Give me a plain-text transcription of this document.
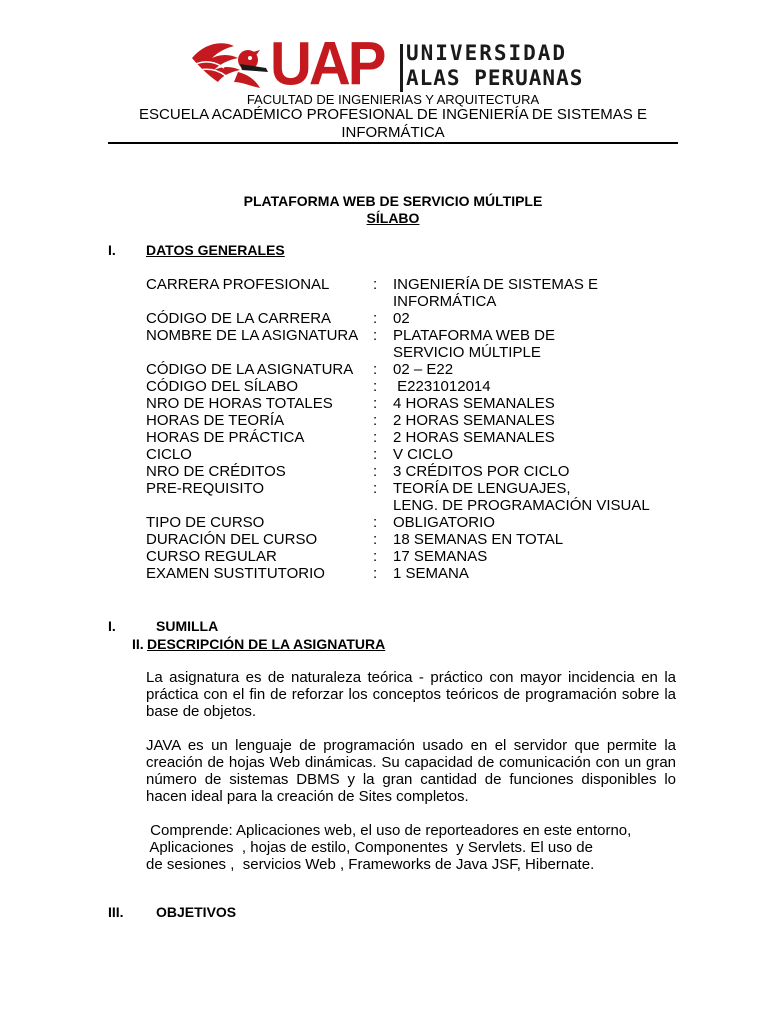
UAP UNIVERSIDAD
ALAS PERUANAS
FACULTAD DE INGENIERIAS Y ARQUITECTURA
ESCUELA ACADÉMICO PROFESIONAL DE INGENIERÍA DE SISTEMAS E INFORMÁTICA
PLATAFORMA WEB DE SERVICIO MÚLTIPLE
SÍLABO
I. DATOS GENERALES
CARRERA PROFESIONAL	:	INGENIERÍA DE SISTEMAS E
INFORMÁTICA
CÓDIGO DE LA CARRERA	:	02
NOMBRE DE LA ASIGNATURA :	PLATAFORMA WEB DE
SERVICIO MÚLTIPLE
CÓDIGO DE LA ASIGNATURA	:	02 – E22
CÓDIGO DEL SÍLABO	:	E2231012014
NRO DE HORAS TOTALES	:	4 HORAS SEMANALES
HORAS DE TEORÍA	:	2 HORAS SEMANALES
HORAS DE PRÁCTICA	:	2 HORAS SEMANALES
CICLO	:	V CICLO
NRO DE CRÉDITOS	:	3 CRÉDITOS POR CICLO
PRE-REQUISITO	:	TEORÍA DE LENGUAJES,
LENG. DE PROGRAMACIÓN VISUAL
TIPO DE CURSO	:	OBLIGATORIO
DURACIÓN DEL CURSO	:	18 SEMANAS EN TOTAL
CURSO REGULAR	:	17 SEMANAS
EXAMEN SUSTITUTORIO	:	1 SEMANA
I.	SUMILLA
II. DESCRIPCIÓN DE LA ASIGNATURA
La asignatura es de naturaleza teórica - práctico con mayor incidencia en la práctica con el fin de reforzar los conceptos teóricos de programación sobre la base de objetos.
JAVA es un lenguaje de programación usado en el servidor que permite la creación de hojas Web dinámicas. Su capacidad de comunicación con un gran número de sistemas DBMS y la gran cantidad de funciones disponibles lo hacen ideal para la creación de Sites completos.
Comprende: Aplicaciones web, el uso de reporteadores en este entorno,
Aplicaciones  , hojas de estilo, Componentes  y Servlets. El uso de
de sesiones ,  servicios Web , Frameworks de Java JSF, Hibernate.
III. OBJETIVOS
